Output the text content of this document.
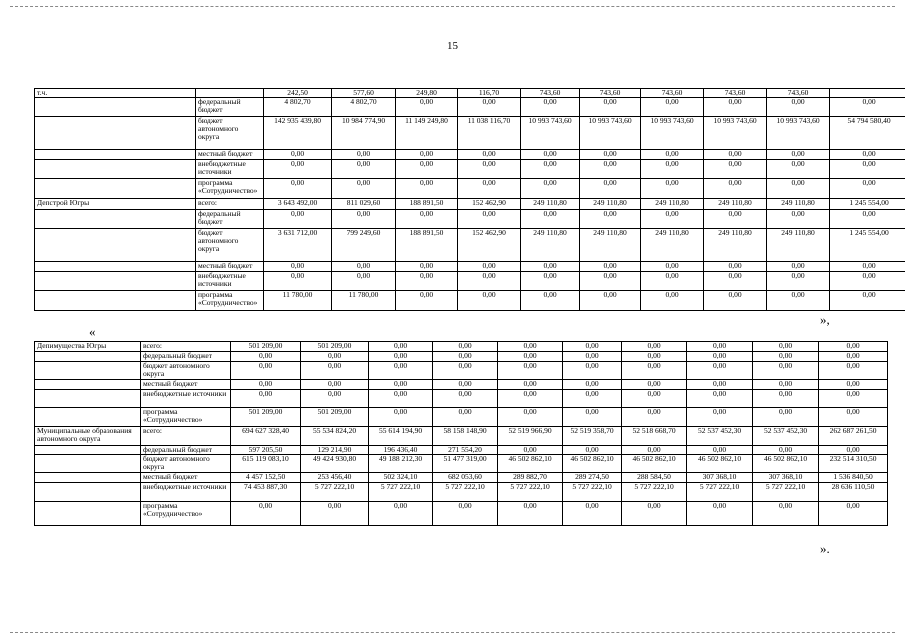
15
т.ч.		242,50	577,60	249,80	116,70	743,60	743,60	743,60	743,60	743,60	
	федеральный бюджет	4 802,70	4 802,70	0,00	0,00	0,00	0,00	0,00	0,00	0,00	0,00
	бюджет автономного округа	142 935 439,80	10 984 774,90	11 149 249,80	11 038 116,70	10 993 743,60	10 993 743,60	10 993 743,60	10 993 743,60	10 993 743,60	54 794 580,40
	местный бюджет	0,00	0,00	0,00	0,00	0,00	0,00	0,00	0,00	0,00	0,00
	внебюджетные источники	0,00	0,00	0,00	0,00	0,00	0,00	0,00	0,00	0,00	0,00
	программа «Сотрудничество»	0,00	0,00	0,00	0,00	0,00	0,00	0,00	0,00	0,00	0,00
Депстрой Югры	всего:	3 643 492,00	811 029,60	188 891,50	152 462,90	249 110,80	249 110,80	249 110,80	249 110,80	249 110,80	1 245 554,00
	федеральный бюджет	0,00	0,00	0,00	0,00	0,00	0,00	0,00	0,00	0,00	0,00
	бюджет автономного округа	3 631 712,00	799 249,60	188 891,50	152 462,90	249 110,80	249 110,80	249 110,80	249 110,80	249 110,80	1 245 554,00
	местный бюджет	0,00	0,00	0,00	0,00	0,00	0,00	0,00	0,00	0,00	0,00
	внебюджетные источники	0,00	0,00	0,00	0,00	0,00	0,00	0,00	0,00	0,00	0,00
	программа «Сотрудничество»	11 780,00	11 780,00	0,00	0,00	0,00	0,00	0,00	0,00	0,00	0,00
«
»,
Депимущества Югры	всего:	501 209,00	501 209,00	0,00	0,00	0,00	0,00	0,00	0,00	0,00	0,00
	федеральный бюджет	0,00	0,00	0,00	0,00	0,00	0,00	0,00	0,00	0,00	0,00
	бюджет автономного округа	0,00	0,00	0,00	0,00	0,00	0,00	0,00	0,00	0,00	0,00
	местный бюджет	0,00	0,00	0,00	0,00	0,00	0,00	0,00	0,00	0,00	0,00
	внебюджетные источники	0,00	0,00	0,00	0,00	0,00	0,00	0,00	0,00	0,00	0,00
	программа «Сотрудничество»	501 209,00	501 209,00	0,00	0,00	0,00	0,00	0,00	0,00	0,00	0,00
Муниципальные образования автономного округа	всего:	694 627 328,40	55 534 824,20	55 614 194,90	58 158 148,90	52 519 966,90	52 519 358,70	52 518 668,70	52 537 452,30	52 537 452,30	262 687 261,50
	федеральный бюджет	597 205,50	129 214,90	196 436,40	271 554,20	0,00	0,00	0,00	0,00	0,00	0,00
	бюджет автономного округа	615 119 083,10	49 424 930,80	49 188 212,30	51 477 319,00	46 502 862,10	46 502 862,10	46 502 862,10	46 502 862,10	46 502 862,10	232 514 310,50
	местный бюджет	4 457 152,50	253 456,40	502 324,10	682 053,60	289 882,70	289 274,50	288 584,50	307 368,10	307 368,10	1 536 840,50
	внебюджетные источники	74 453 887,30	5 727 222,10	5 727 222,10	5 727 222,10	5 727 222,10	5 727 222,10	5 727 222,10	5 727 222,10	5 727 222,10	28 636 110,50
	программа «Сотрудничество»	0,00	0,00	0,00	0,00	0,00	0,00	0,00	0,00	0,00	0,00
».
